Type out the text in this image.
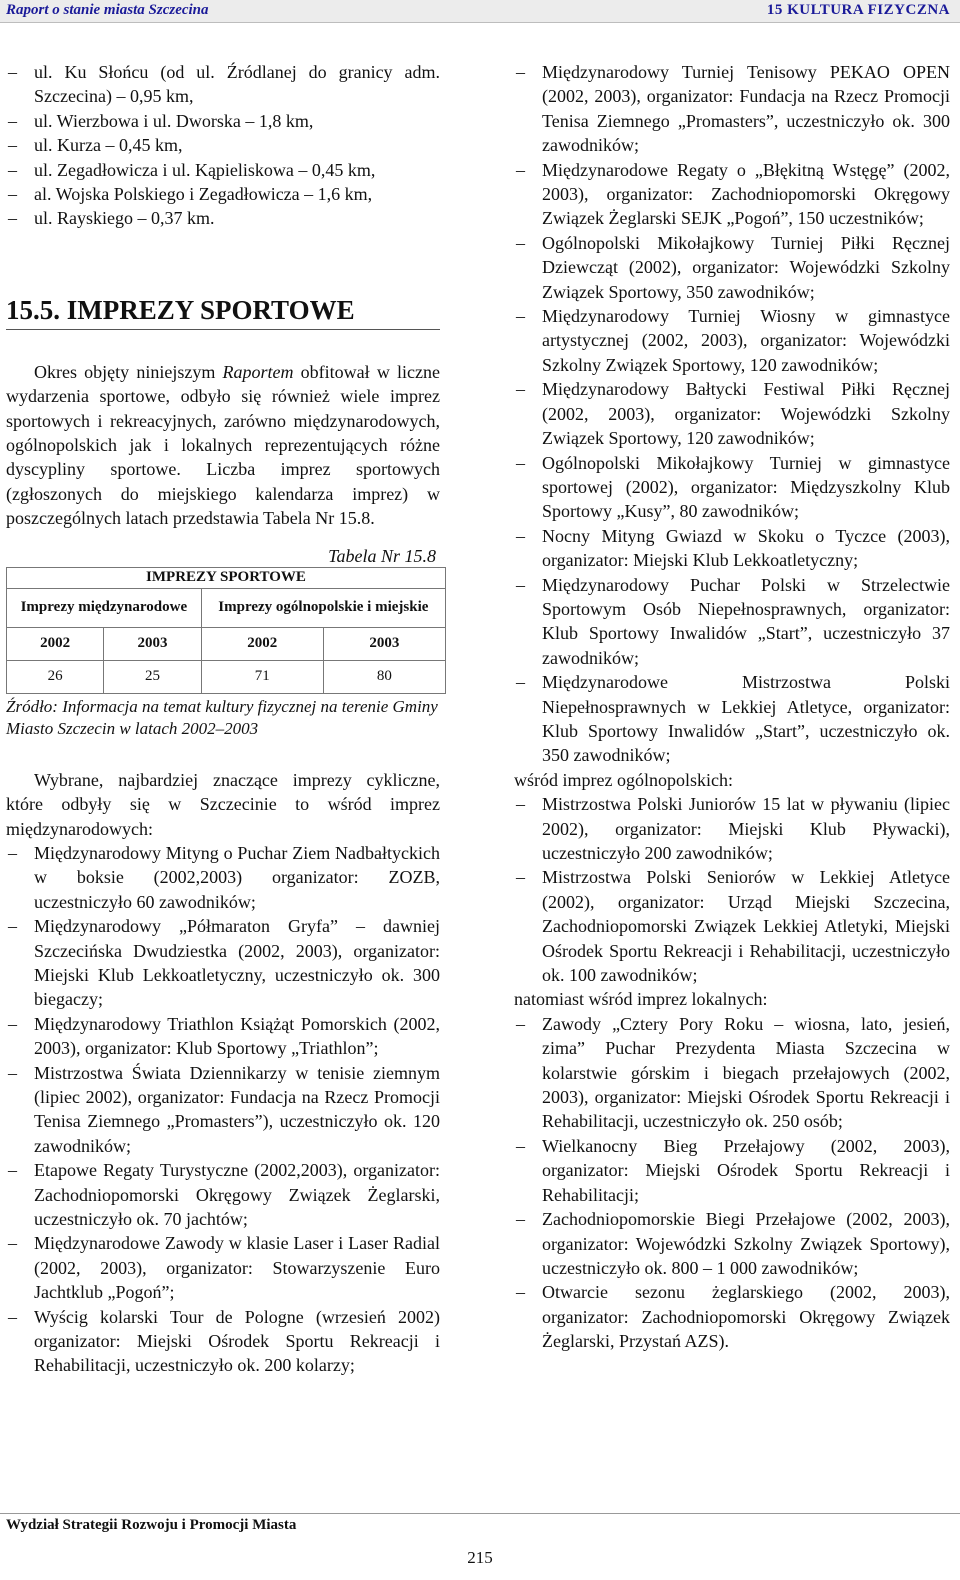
Raport o stanie miasta Szczecina	15 KULTURA FIZYCZNA
– ul. Ku Słońcu (od ul. Źródlanej do granicy adm. Szczecina) – 0,95 km,
– ul. Wierzbowa i ul. Dworska – 1,8 km,
– ul. Kurza – 0,45 km,
– ul. Zegadłowicza i ul. Kąpieliskowa – 0,45 km,
– al. Wojska Polskiego i Zegadłowicza – 1,6 km,
– ul. Rayskiego – 0,37 km.
15.5. IMPREZY SPORTOWE

Okres objęty niniejszym Raportem obfitował w liczne wydarzenia sportowe, odbyło się również wiele imprez sportowych i rekreacyjnych, zarówno międzynarodowych, ogólnopolskich jak i lokalnych reprezentujących różne dyscypliny sportowe. Liczba imprez sportowych (zgłoszonych do miejskiego kalendarza imprez) w poszczególnych latach przedstawia Tabela Nr 15.8.

Tabela Nr 15.8
IMPREZY SPORTOWE			
Imprezy międzynarodowe		Imprezy ogólnopolskie i miejskie	
2002	2003	2002	2003
26	25	71	80
Źródło: Informacja na temat kultury fizycznej na terenie Gminy Miasto Szczecin w latach 2002–2003

Wybrane, najbardziej znaczące imprezy cykliczne, które odbyły się w Szczecinie to wśród imprez międzynarodowych:

– Międzynarodowy Mityng o Puchar Ziem Nadbałtyckich w boksie (2002,2003) organizator: ZOZB, uczestniczyło 60 zawodników;
– Międzynarodowy „Półmaraton Gryfa” – dawniej Szczecińska Dwudziestka (2002, 2003), organizator: Miejski Klub Lekkoatletyczny, uczestniczyło ok. 300 biegaczy;
– Międzynarodowy Triathlon Książąt Pomorskich (2002, 2003), organizator: Klub Sportowy „Triathlon”;
– Mistrzostwa Świata Dziennikarzy w tenisie ziemnym (lipiec 2002), organizator: Fundacja na Rzecz Promocji Tenisa Ziemnego „Promasters”), uczestniczyło ok. 120 zawodników;
– Etapowe Regaty Turystyczne (2002,2003), organizator: Zachodniopomorski Okręgowy Związek Żeglarski, uczestniczyło ok. 70 jachtów;
– Międzynarodowe Zawody w klasie Laser i Laser Radial (2002, 2003), organizator: Stowarzyszenie Euro Jachtklub „Pogoń”;
– Wyścig kolarski Tour de Pologne (wrzesień 2002) organizator: Miejski Ośrodek Sportu Rekreacji i Rehabilitacji, uczestniczyło ok. 200 kolarzy;
– Międzynarodowy Turniej Tenisowy PEKAO OPEN (2002, 2003), organizator: Fundacja na Rzecz Promocji Tenisa Ziemnego „Promasters”, uczestniczyło ok. 300 zawodników;
– Międzynarodowe Regaty o „Błękitną Wstęgę” (2002, 2003), organizator: Zachodniopomorski Okręgowy Związek Żeglarski SEJK „Pogoń”, 150 uczestników;
– Ogólnopolski Mikołajkowy Turniej Piłki Ręcznej Dziewcząt (2002), organizator: Wojewódzki Szkolny Związek Sportowy, 350 zawodników;
– Międzynarodowy Turniej Wiosny w gimnastyce artystycznej (2002, 2003), organizator: Wojewódzki Szkolny Związek Sportowy, 120 zawodników;
– Międzynarodowy Bałtycki Festiwal Piłki Ręcznej (2002, 2003), organizator: Wojewódzki Szkolny Związek Sportowy, 120 zawodników;
– Ogólnopolski Mikołajkowy Turniej w gimnastyce sportowej (2002), organizator: Międzyszkolny Klub Sportowy „Kusy”, 80 zawodników;
– Nocny Mityng Gwiazd w Skoku o Tyczce (2003), organizator: Miejski Klub Lekkoatletyczny;
– Międzynarodowy Puchar Polski w Strzelectwie Sportowym Osób Niepełnosprawnych, organizator: Klub Sportowy Inwalidów „Start”, uczestniczyło 37 zawodników;
– Międzynarodowe Mistrzostwa Polski Niepełnosprawnych w Lekkiej Atletyce, organizator: Klub Sportowy Inwalidów „Start”, uczestniczyło ok. 350 zawodników;

wśród imprez ogólnopolskich:

– Mistrzostwa Polski Juniorów 15 lat w pływaniu (lipiec 2002), organizator: Miejski Klub Pływacki), uczestniczyło 200 zawodników;
– Mistrzostwa Polski Seniorów w Lekkiej Atletyce (2002), organizator: Urząd Miejski Szczecina, Zachodniopomorski Związek Lekkiej Atletyki, Miejski Ośrodek Sportu Rekreacji i Rehabilitacji, uczestniczyło ok. 100 zawodników;

natomiast wśród imprez lokalnych:

– Zawody „Cztery Pory Roku – wiosna, lato, jesień, zima” Puchar Prezydenta Miasta Szczecina w kolarstwie górskim i biegach przełajowych (2002, 2003), organizator: Miejski Ośrodek Sportu Rekreacji i Rehabilitacji, uczestniczyło ok. 250 osób;
– Wielkanocny Bieg Przełajowy (2002, 2003), organizator: Miejski Ośrodek Sportu Rekreacji i Rehabilitacji;
– Zachodniopomorskie Biegi Przełajowe (2002, 2003), organizator: Wojewódzki Szkolny Związek Sportowy), uczestniczyło ok. 800 – 1 000 zawodników;
– Otwarcie sezonu żeglarskiego (2002, 2003), organizator: Zachodniopomorski Okręgowy Związek Żeglarski, Przystań AZS).
Wydział Strategii Rozwoju i Promocji Miasta
215
